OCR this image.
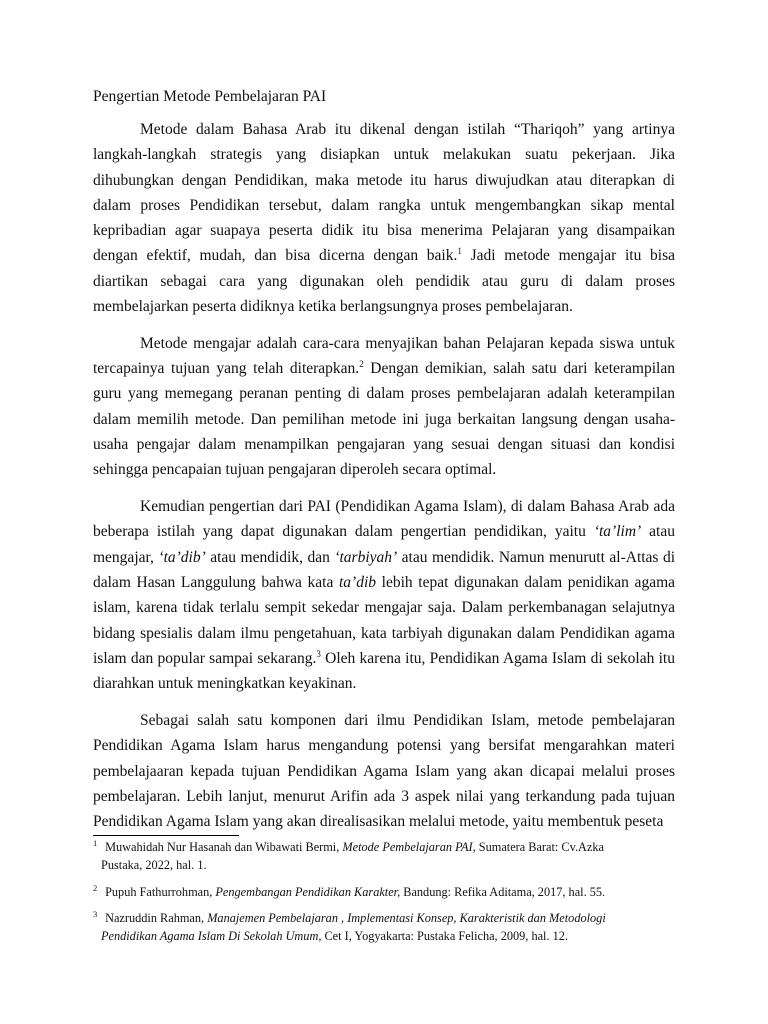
Pengertian Metode Pembelajaran PAI

Metode dalam Bahasa Arab itu dikenal dengan istilah “Thariqoh” yang artinya langkah-langkah strategis yang disiapkan untuk melakukan suatu pekerjaan. Jika dihubungkan dengan Pendidikan, maka metode itu harus diwujudkan atau diterapkan di dalam proses Pendidikan tersebut, dalam rangka untuk mengembangkan sikap mental kepribadian agar suapaya peserta didik itu bisa menerima Pelajaran yang disampaikan dengan efektif, mudah, dan bisa dicerna dengan baik.$^1$ Jadi metode mengajar itu bisa diartikan sebagai cara yang digunakan oleh pendidik atau guru di dalam proses membelajarkan peserta didiknya ketika berlangsungnya proses pembelajaran.

Metode mengajar adalah cara-cara menyajikan bahan Pelajaran kepada siswa untuk tercapainya tujuan yang telah diterapkan.$^2$ Dengan demikian, salah satu dari keterampilan guru yang memegang peranan penting di dalam proses pembelajaran adalah keterampilan dalam memilih metode. Dan pemilihan metode ini juga berkaitan langsung dengan usaha-usaha pengajar dalam menampilkan pengajaran yang sesuai dengan situasi dan kondisi sehingga pencapaian tujuan pengajaran diperoleh secara optimal.

Kemudian pengertian dari PAI (Pendidikan Agama Islam), di dalam Bahasa Arab ada beberapa istilah yang dapat digunakan dalam pengertian pendidikan, yaitu ‘ta’lim’ atau mengajar, ‘ta’dib’ atau mendidik, dan ‘tarbiyah’ atau mendidik. Namun menurutt al-Attas di dalam Hasan Langgulung bahwa kata ta’dib lebih tepat digunakan dalam penidikan agama islam, karena tidak terlalu sempit sekedar mengajar saja. Dalam perkembanagan selajutnya bidang spesialis dalam ilmu pengetahuan, kata tarbiyah digunakan dalam Pendidikan agama islam dan popular sampai sekarang.$^3$ Oleh karena itu, Pendidikan Agama Islam di sekolah itu diarahkan untuk meningkatkan keyakinan.

Sebagai salah satu komponen dari ilmu Pendidikan Islam, metode pembelajaran Pendidikan Agama Islam harus mengandung potensi yang bersifat mengarahkan materi pembelajaaran kepada tujuan Pendidikan Agama Islam yang akan dicapai melalui proses pembelajaran. Lebih lanjut, menurut Arifin ada 3 aspek nilai yang terkandung pada tujuan Pendidikan Agama Islam yang akan direalisasikan melalui metode, yaitu membentuk peseta

1 Muwahidah Nur Hasanah dan Wibawati Bermi, Metode Pembelajaran PAI, Sumatera Barat: Cv.Azka
Pustaka, 2022, hal. 1.
2 Pupuh Fathurrohman, Pengembangan Pendidikan Karakter, Bandung: Refika Aditama, 2017, hal. 55.
3 Nazruddin Rahman, Manajemen Pembelajaran , Implementasi Konsep, Karakteristik dan Metodologi
Pendidikan Agama Islam Di Sekolah Umum, Cet I, Yogyakarta: Pustaka Felicha, 2009, hal. 12.
